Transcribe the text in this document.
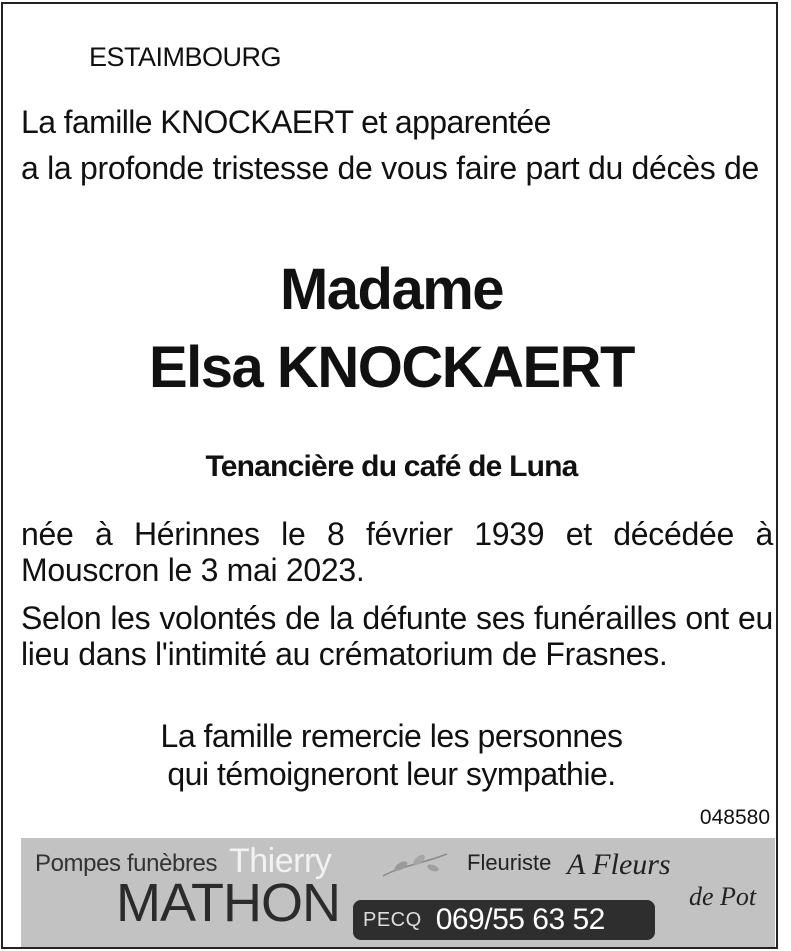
ESTAIMBOURG

La famille KNOCKAERT et apparentée

a la profonde tristesse de vous faire part du décès de

Madame

Elsa KNOCKAERT

Tenancière du café de Luna

née à Hérinnes le 8 février 1939 et décédée à Mouscron le 3 mai 2023.

Selon les volontés de la défunte ses funérailles ont eu lieu dans l'intimité au crématorium de Frasnes.

La famille remercie les personnes
qui témoigneront leur sympathie.

048580

Pompes funèbres Thierry
MATHON
Fleuriste A Fleurs
de Pot
PECQ 069/55 63 52
